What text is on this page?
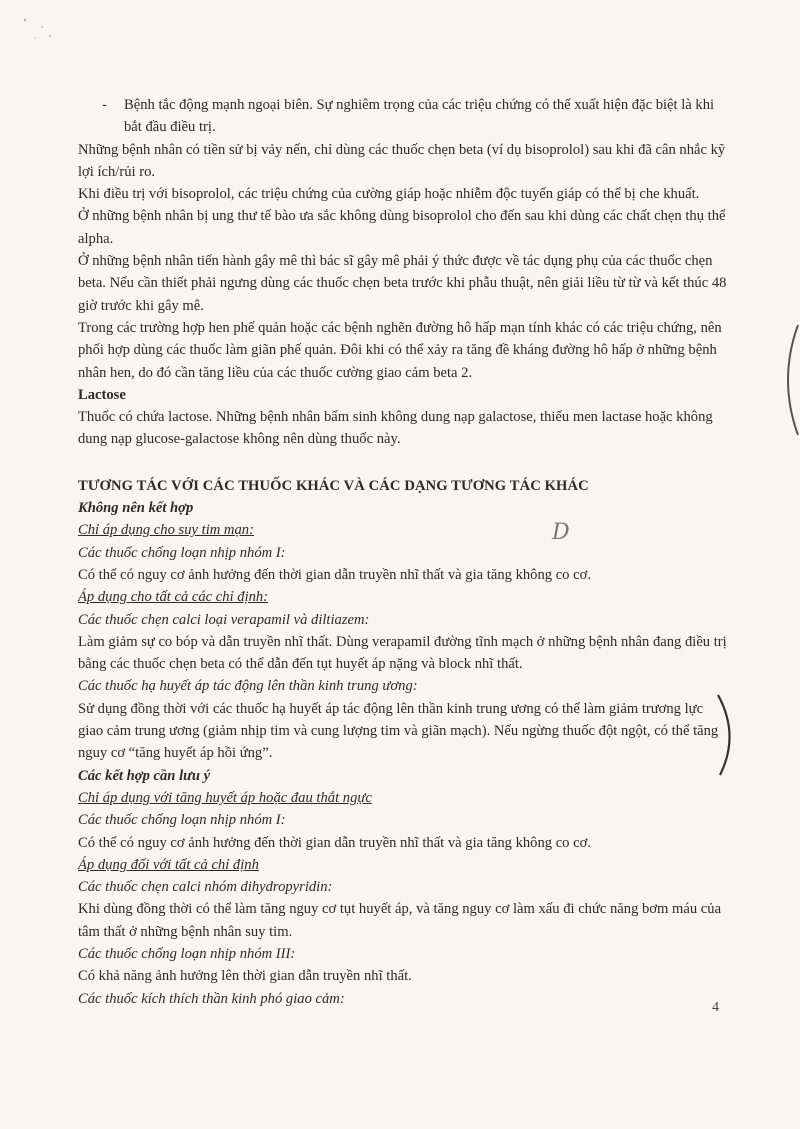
D

- Bệnh tắc động mạnh ngoại biên. Sự nghiêm trọng của các triệu chứng có thể xuất hiện đặc biệt là khi bắt đầu điều trị.

Những bệnh nhân có tiền sử bị vảy nến, chỉ dùng các thuốc chẹn beta (ví dụ bisoprolol) sau khi đã cân nhắc kỹ lợi ích/rủi ro.

Khi điều trị với bisoprolol, các triệu chứng của cường giáp hoặc nhiễm độc tuyến giáp có thể bị che khuất.

Ở những bệnh nhân bị ung thư tế bào ưa sắc không dùng bisoprolol cho đến sau khi dùng các chất chẹn thụ thể alpha.

Ở những bệnh nhân tiến hành gây mê thì bác sĩ gây mê phải ý thức được về tác dụng phụ của các thuốc chẹn beta. Nếu cần thiết phải ngưng dùng các thuốc chẹn beta trước khi phẫu thuật, nên giải liều từ từ và kết thúc 48 giờ trước khi gây mê.

Trong các trường hợp hen phế quản hoặc các bệnh nghẽn đường hô hấp mạn tính khác có các triệu chứng, nên phối hợp dùng các thuốc làm giãn phế quản. Đôi khi có thể xảy ra tăng đề kháng đường hô hấp ở những bệnh nhân hen, do đó cần tăng liều của các thuốc cường giao cảm beta 2.

Lactose

Thuốc có chứa lactose. Những bệnh nhân bẩm sinh không dung nạp galactose, thiếu men lactase hoặc không dung nạp glucose-galactose không nên dùng thuốc này.

TƯƠNG TÁC VỚI CÁC THUỐC KHÁC VÀ CÁC DẠNG TƯƠNG TÁC KHÁC

Không nên kết hợp

Chỉ áp dụng cho suy tim mạn:

Các thuốc chống loạn nhịp nhóm I:

Có thể có nguy cơ ảnh hưởng đến thời gian dẫn truyền nhĩ thất và gia tăng không co cơ.

Áp dụng cho tất cả các chỉ định:

Các thuốc chẹn calci loại verapamil và diltiazem:

Làm giảm sự co bóp và dẫn truyền nhĩ thất. Dùng verapamil đường tĩnh mạch ở những bệnh nhân đang điều trị bằng các thuốc chẹn beta có thể dẫn đến tụt huyết áp nặng và block nhĩ thất.

Các thuốc hạ huyết áp tác động lên thần kinh trung ương:

Sử dụng đồng thời với các thuốc hạ huyết áp tác động lên thần kinh trung ương có thể làm giảm trương lực giao cảm trung ương (giảm nhịp tim và cung lượng tim và giãn mạch). Nếu ngừng thuốc đột ngột, có thể tăng nguy cơ “tăng huyết áp hồi ứng”.

Các kết hợp cần lưu ý

Chỉ áp dụng với tăng huyết áp hoặc đau thắt ngực

Các thuốc chống loạn nhịp nhóm I:

Có thể có nguy cơ ảnh hưởng đến thời gian dẫn truyền nhĩ thất và gia tăng không co cơ.

Áp dụng đối với tất cả chỉ định

Các thuốc chẹn calci nhóm dihydropyridin:

Khi dùng đồng thời có thể làm tăng nguy cơ tụt huyết áp, và tăng nguy cơ làm xấu đi chức năng bơm máu của tâm thất ở những bệnh nhân suy tim.

Các thuốc chống loạn nhịp nhóm III:

Có khả năng ảnh hưởng lên thời gian dẫn truyền nhĩ thất.

Các thuốc kích thích thần kinh phó giao cảm:

4
